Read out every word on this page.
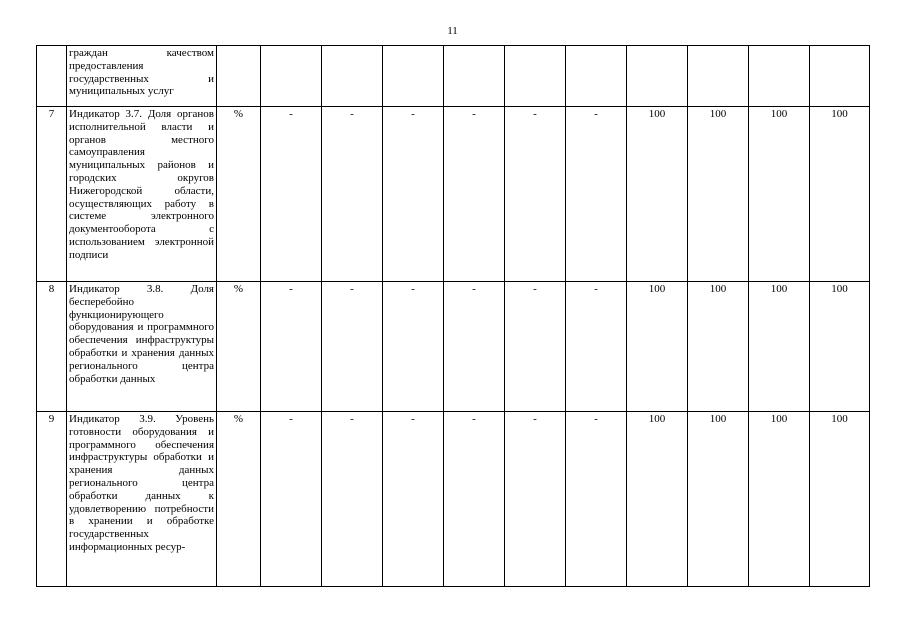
11
	граждан качеством предоставления государственных и муниципальных услуг											
7	Индикатор 3.7. Доля органов исполнительной власти и органов местного самоуправления муниципальных районов и городских округов Нижегородской области, осуществляющих работу в системе электронного документооборота с использованием электронной подписи	%	-	-	-	-	-	-	100	100	100	100
8	Индикатор 3.8. Доля бесперебойно функционирующего оборудования и программного обеспечения инфраструктуры обработки и хранения данных регионального центра обработки данных	%	-	-	-	-	-	-	100	100	100	100
9	Индикатор 3.9. Уровень готовности оборудования и программного обеспечения инфраструктуры обработки и хранения данных регионального центра обработки данных к удовлетворению потребности в хранении и обработке государственных информационных ресур-	%	-	-	-	-	-	-	100	100	100	100
